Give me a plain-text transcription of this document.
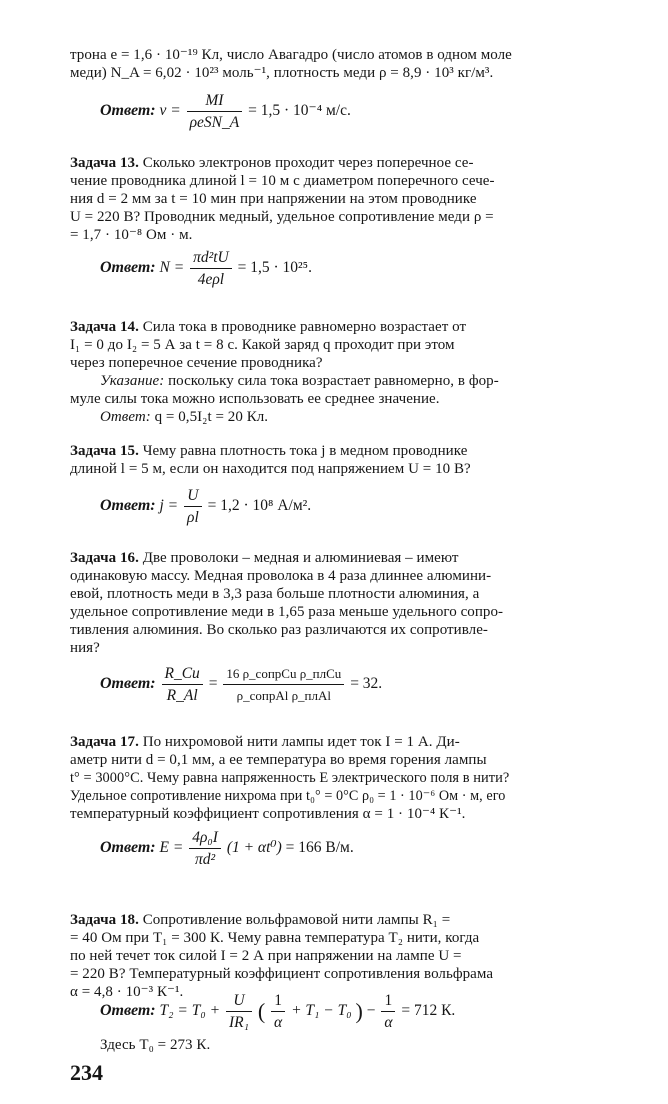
трона e = 1,6 · 10⁻¹⁹ Кл, число Авагадро (число атомов в одном моле
меди) N_A = 6,02 · 10²³ моль⁻¹, плотность меди ρ = 8,9 · 10³ кг/м³.
Ответ: $v = \frac{MI}{\text{ρeSN\_A}} = 1,5 \cdot 10^{-4}$ м/с.
Задача 13. Сколько электронов проходит через поперечное се-
чение проводника длиной l = 10 м с диаметром поперечного сече-
ния d = 2 мм за t = 10 мин при напряжении на этом проводнике
U = 220 В? Проводник медный, удельное сопротивление меди ρ =
= 1,7 · 10⁻⁸ Ом · м.
Ответ: $N = \frac{\text{πd²tU}}{\text{4eρl}} = 1,5 \cdot 10^{25}$.
Задача 14. Сила тока в проводнике равномерно возрастает от
I₁ = 0 до I₂ = 5 А за t = 8 с. Какой заряд q проходит при этом
через поперечное сечение проводника?
Указание: поскольку сила тока возрастает равномерно, в фор-
муле силы тока можно использовать ее среднее значение.
Ответ: q = 0,5I₂t = 20 Кл.
Задача 15. Чему равна плотность тока j в медном проводнике
длиной l = 5 м, если он находится под напряжением U = 10 В?
Ответ: $j = \frac{U}{\rho l} = 1,2 \cdot 10^8$ А/м².
Задача 16. Две проволоки – медная и алюминиевая – имеют
одинаковую массу. Медная проволока в 4 раза длиннее алюмини-
евой, плотность меди в 3,3 раза больше плотности алюминия, а
удельное сопротивление меди в 1,65 раза меньше удельного сопро-
тивления алюминия. Во сколько раз различаются их сопротивле-
ния?
Ответ: $\frac{R\_Cu}{R\_Al} = \frac{\text{16 ρ\_сопрCu ρ\_плCu}}{\text{ρ\_сопрAl ρ\_плAl}} = 32$.
Задача 17. По нихромовой нити лампы идет ток I = 1 А. Ди-
аметр нити d = 0,1 мм, а ее температура во время горения лампы
t° = 3000°С. Чему равна напряженность E электрического поля в нити?
Удельное сопротивление нихрома при t₀° = 0°С ρ₀ = 1 · 10⁻⁶ Ом · м, его
температурный коэффициент сопротивления α = 1 · 10⁻⁴ К⁻¹.
Ответ: $E = \frac{\text{4ρ₀I}}{\text{πd²}} (1 + \alpha t^0) = 166$ В/м.
Задача 18. Сопротивление вольфрамовой нити лампы R₁ =
= 40 Ом при T₁ = 300 К. Чему равна температура T₂ нити, когда
по ней течет ток силой I = 2 А при напряжении на лампе U =
= 220 В? Температурный коэффициент сопротивления вольфрама
α = 4,8 · 10⁻³ К⁻¹.
Ответ: $T_2 = T_0 + \frac{U}{\text{IR₁}}$ ( $\frac{1}{\alpha} + T_1 - T_0$ ) − $\frac{1}{\alpha} = 712$ К.
Здесь T₀ = 273 К.
234
